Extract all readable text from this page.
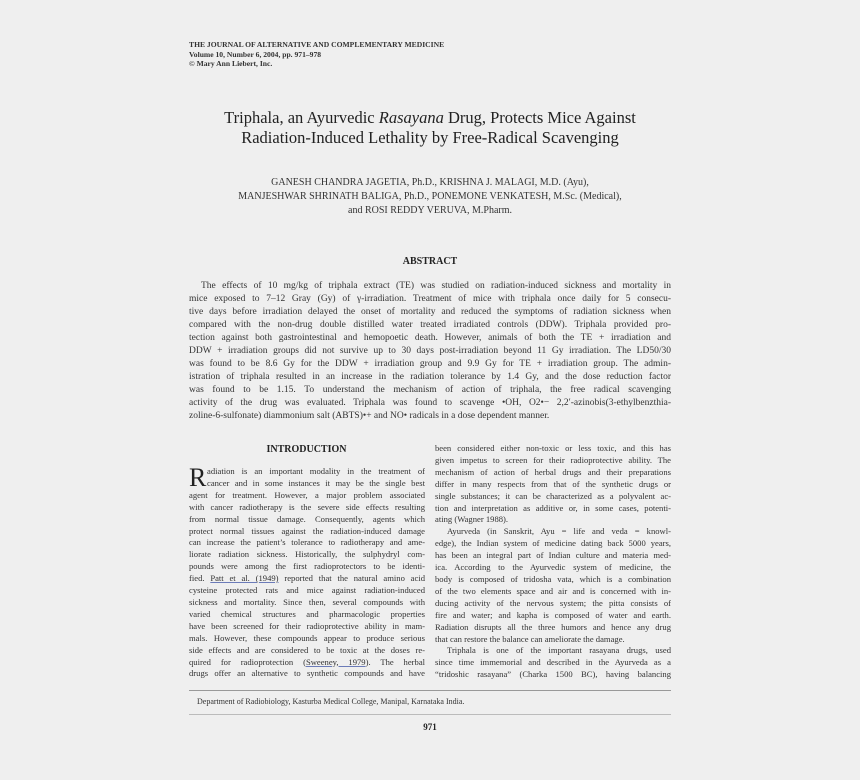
THE JOURNAL OF ALTERNATIVE AND COMPLEMENTARY MEDICINE
Volume 10, Number 6, 2004, pp. 971–978
© Mary Ann Liebert, Inc.
Triphala, an Ayurvedic Rasayana Drug, Protects Mice Against
Radiation-Induced Lethality by Free-Radical Scavenging
GANESH CHANDRA JAGETIA, Ph.D., KRISHNA J. MALAGI, M.D. (Ayu),
MANJESHWAR SHRINATH BALIGA, Ph.D., PONEMONE VENKATESH, M.Sc. (Medical),
and ROSI REDDY VERUVA, M.Pharm.
ABSTRACT
The effects of 10 mg/kg of triphala extract (TE) was studied on radiation-induced sickness and mortality in
mice exposed to 7–12 Gray (Gy) of γ-irradiation. Treatment of mice with triphala once daily for 5 consecu-
tive days before irradiation delayed the onset of mortality and reduced the symptoms of radiation sickness when
compared with the non-drug double distilled water treated irradiated controls (DDW). Triphala provided pro-
tection against both gastrointestinal and hemopoetic death. However, animals of both the TE + irradiation and
DDW + irradiation groups did not survive up to 30 days post-irradiation beyond 11 Gy irradiation. The LD50/30
was found to be 8.6 Gy for the DDW + irradiation group and 9.9 Gy for TE + irradiation group. The admin-
istration of triphala resulted in an increase in the radiation tolerance by 1.4 Gy, and the dose reduction factor
was found to be 1.15. To understand the mechanism of action of triphala, the free radical scavenging
activity of the drug was evaluated. Triphala was found to scavenge •OH, O2•− 2,2′-azinobis(3-ethylbenzthia-
zoline-6-sulfonate) diammonium salt (ABTS)•+ and NO• radicals in a dose dependent manner.
INTRODUCTION
R adiation is an important modality in the treatment of
cancer and in some instances it may be the single best
agent for treatment. However, a major problem associated
with cancer radiotherapy is the severe side effects resulting
from normal tissue damage. Consequently, agents which
protect normal tissues against the radiation-induced damage
can increase the patient’s tolerance to radiotherapy and ame-
liorate radiation sickness. Historically, the sulphydryl com-
pounds were among the first radioprotectors to be identi-
fied. Patt et al. (1949) reported that the natural amino acid
cysteine protected rats and mice against radiation-induced
sickness and mortality. Since then, several compounds with
varied chemical structures and pharmacologic properties
have been screened for their radioprotective ability in mam-
mals. However, these compounds appear to produce serious
side effects and are considered to be toxic at the doses re-
quired for radioprotection (Sweeney, 1979). The herbal
drugs offer an alternative to synthetic compounds and have
been considered either non-toxic or less toxic, and this has
given impetus to screen for their radioprotective ability. The
mechanism of action of herbal drugs and their preparations
differ in many respects from that of the synthetic drugs or
single substances; it can be characterized as a polyvalent ac-
tion and interpretation as additive or, in some cases, potenti-
ating (Wagner 1988).
Ayurveda (in Sanskrit, Ayu = life and veda = knowl-
edge), the Indian system of medicine dating back 5000 years,
has been an integral part of Indian culture and materia med-
ica. According to the Ayurvedic system of medicine, the
body is composed of tridosha vata, which is a combination
of the two elements space and air and is concerned with in-
ducing activity of the nervous system; the pitta consists of
fire and water; and kapha is composed of water and earth.
Radiation disrupts all the three humors and hence any drug
that can restore the balance can ameliorate the damage.
Triphala is one of the important rasayana drugs, used
since time immemorial and described in the Ayurveda as a
“tridoshic rasayana” (Charka 1500 BC), having balancing
Department of Radiobiology, Kasturba Medical College, Manipal, Karnataka India.
971
